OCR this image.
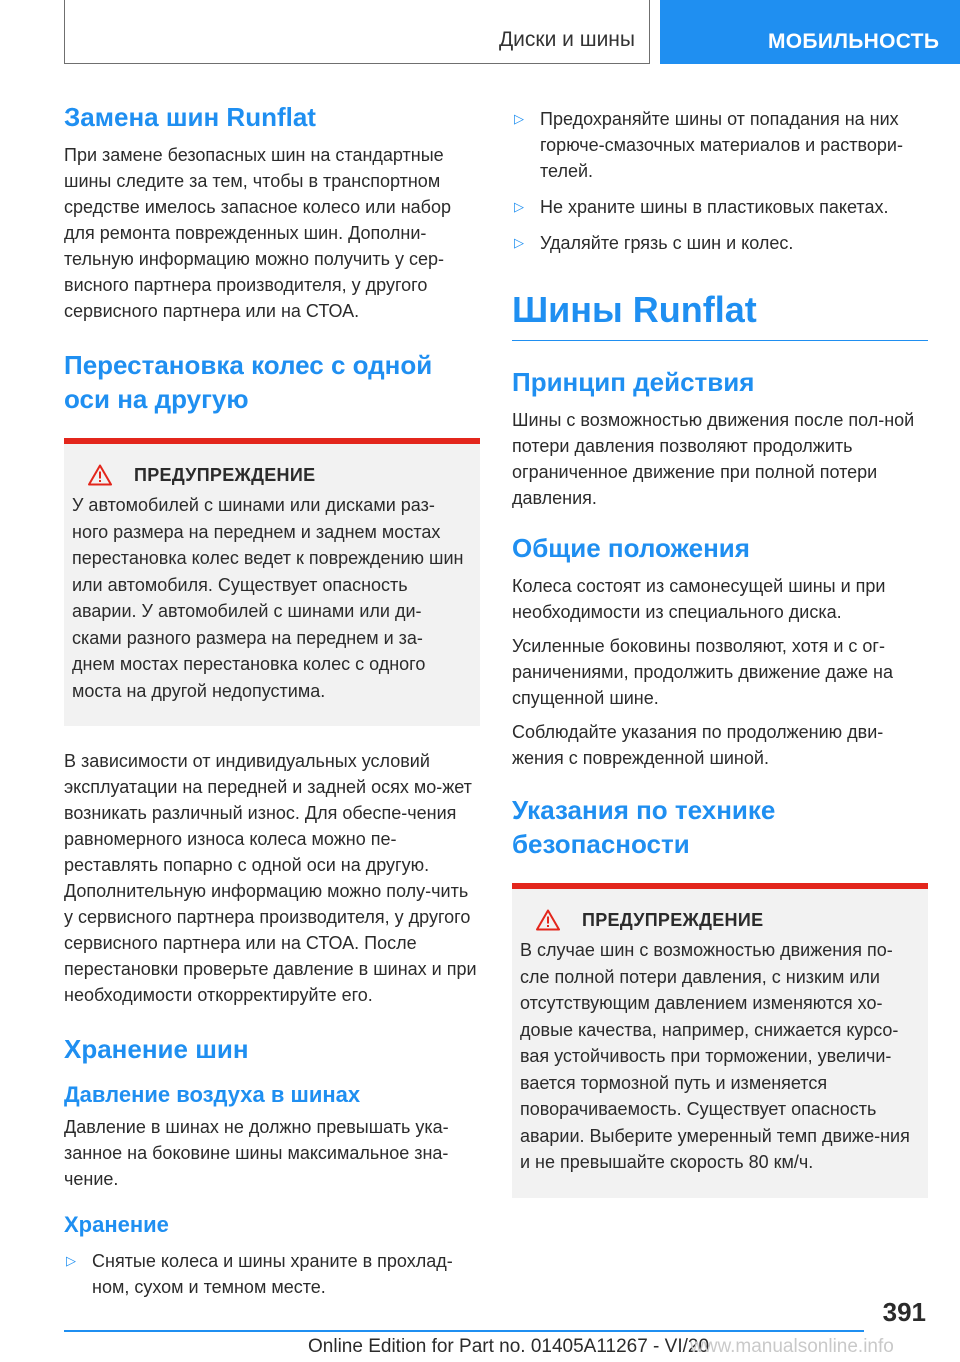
Диски и шины	МОБИЛЬНОСТЬ
Замена шин Runflat

При замене безопасных шин на стандартные шины следите за тем, чтобы в транспортном средстве имелось запасное колесо или набор для ремонта поврежденных шин. Дополни-тельную информацию можно получить у сер-висного партнера производителя, у другого сервисного партнера или на СТОА.

Перестановка колес с одной оси на другую
ПРЕДУПРЕЖДЕНИЕ

У автомобилей с шинами или дисками раз-ного размера на переднем и заднем мостах перестановка колес ведет к повреждению шин или автомобиля. Существует опасность аварии. У автомобилей с шинами или ди-сками разного размера на переднем и за-днем мостах перестановка колес с одного моста на другой недопустима.

В зависимости от индивидуальных условий эксплуатации на передней и задней осях мо-жет возникать различный износ. Для обеспе-чения равномерного износа колеса можно пе-реставлять попарно с одной оси на другую. Дополнительную информацию можно полу-чить у сервисного партнера производителя, у другого сервисного партнера или на СТОА. После перестановки проверьте давление в шинах и при необходимости откорректируйте его.

Хранение шин
Давление воздуха в шинах

Давление в шинах не должно превышать ука-занное на боковине шины максимальное зна-чение.

Хранение
▷ Снятые колеса и шины храните в прохлад-ном, сухом и темном месте.
▷ Предохраняйте шины от попадания на них горюче-смазочных материалов и раствори-телей.
▷ Не храните шины в пластиковых пакетах.
▷ Удаляйте грязь с шин и колес.
Шины Runflat
Принцип действия

Шины с возможностью движения после пол-ной потери давления позволяют продолжить ограниченное движение при полной потери давления.

Общие положения

Колеса состоят из самонесущей шины и при необходимости из специального диска.

Усиленные боковины позволяют, хотя и с ог-раничениями, продолжить движение даже на спущенной шине.

Соблюдайте указания по продолжению дви-жения с поврежденной шиной.

Указания по технике безопасности
ПРЕДУПРЕЖДЕНИЕ

В случае шин с возможностью движения по-сле полной потери давления, с низким или отсутствующим давлением изменяются хо-довые качества, например, снижается курсо-вая устойчивость при торможении, увеличи-вается тормозной путь и изменяется поворачиваемость. Существует опасность аварии. Выберите умеренный темп движе-ния и не превышайте скорость 80 км/ч.

391
Online Edition for Part no. 01405A11267 - VI/20
www.manualsonline.info
